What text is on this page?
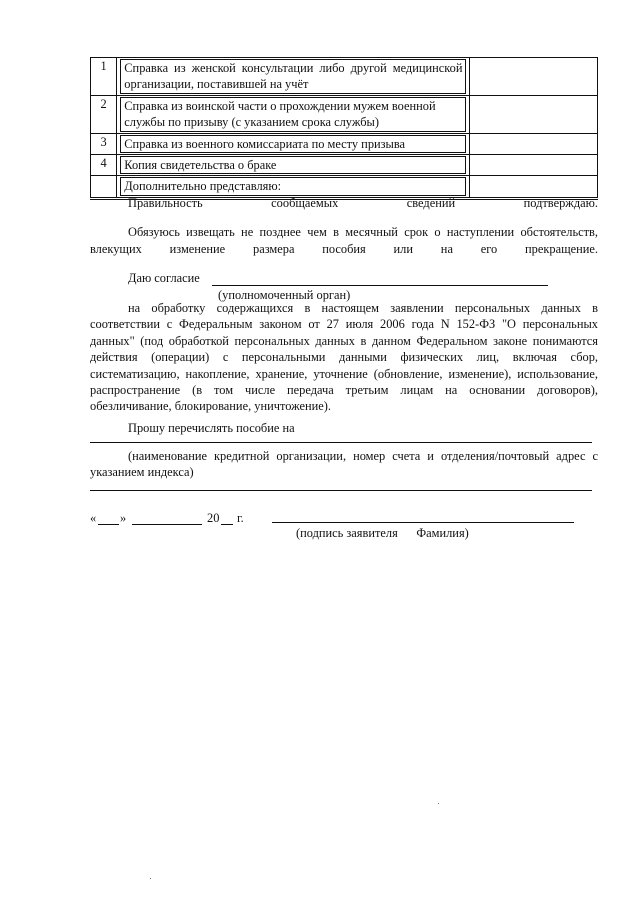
1	Справка из женской консультации либо другой медицинской организации, поставившей на учёт	

2	Справка из воинской части о прохождении мужем военной службы по призыву (с указанием срока службы)	

3	Справка из военного комиссариата по месту призыва	

4	Копия свидетельства о браке	

	Дополнительно представляю:	

Правильность сообщаемых сведений подтверждаю.
Обязуюсь извещать не позднее чем в месячный срок о наступлении обстоятельств,
влекущих изменение размера пособия или на его прекращение.
Даю согласие
(уполномоченный орган)
на обработку содержащихся в настоящем заявлении персональных данных в соответствии с Федеральным законом от 27 июля 2006 года N 152-ФЗ "О персональных данных" (под обработкой персональных данных в данном Федеральном законе понимаются действия (операции) с персональными данными физических лиц, включая сбор, систематизацию, накопление, хранение, уточнение (обновление, изменение), использование, распространение (в том числе передача третьим лицам на основании договоров), обезличивание, блокирование, уничтожение).
Прошу перечислять пособие на
(наименование кредитной организации, номер счета и отделения/почтовый адрес с указанием индекса)
« »	20 г.
(подпись заявителя      Фамилия)
